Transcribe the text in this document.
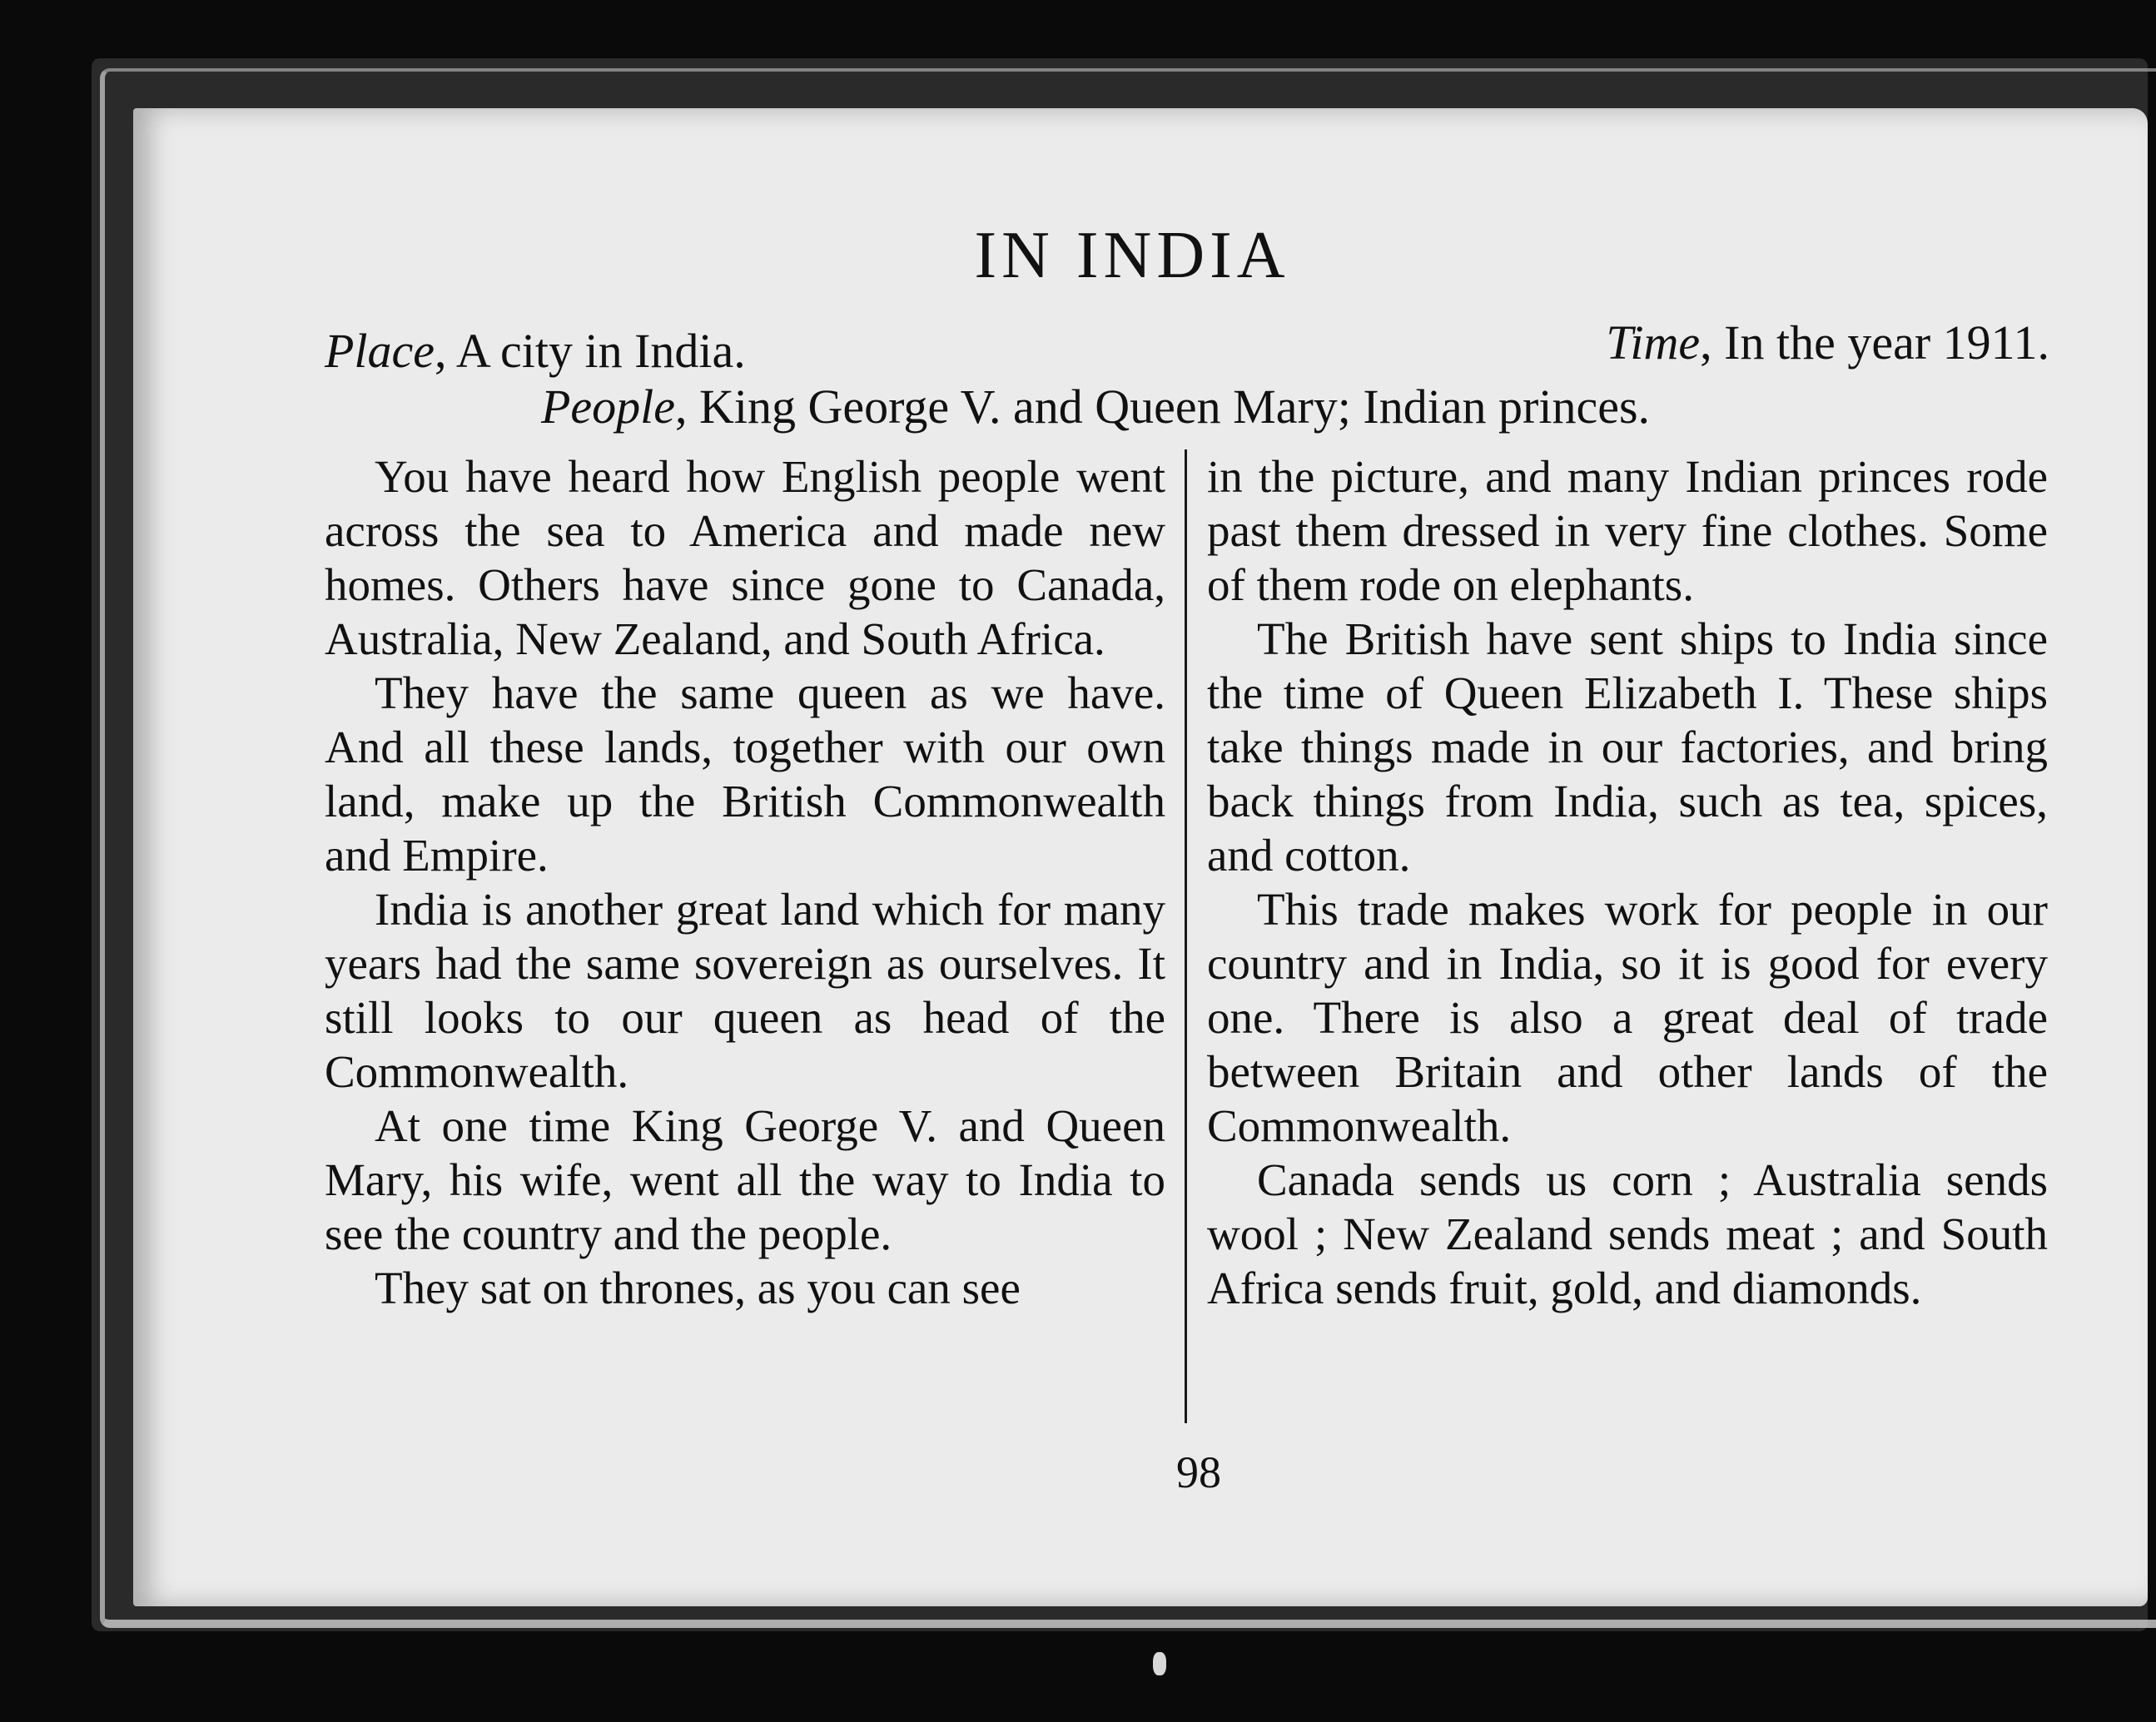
IN INDIA
Place, A city in India.	Time, In the year 1911.
People, King George V. and Queen Mary; Indian princes.

You have heard how English people went across the sea to America and made new homes. Others have since gone to Canada, Australia, New Zealand, and South Africa.

They have the same queen as we have. And all these lands, together with our own land, make up the British Commonwealth and Empire.

India is another great land which for many years had the same sovereign as ourselves. It still looks to our queen as head of the Commonwealth.

At one time King George V. and Queen Mary, his wife, went all the way to India to see the country and the people.

They sat on thrones, as you can see

in the picture, and many Indian princes rode past them dressed in very fine clothes. Some of them rode on elephants.

The British have sent ships to India since the time of Queen Elizabeth I. These ships take things made in our factories, and bring back things from India, such as tea, spices, and cotton.

This trade makes work for people in our country and in India, so it is good for every one. There is also a great deal of trade between Britain and other lands of the Commonwealth.

Canada sends us corn ; Australia sends wool ; New Zealand sends meat ; and South Africa sends fruit, gold, and diamonds.

98
